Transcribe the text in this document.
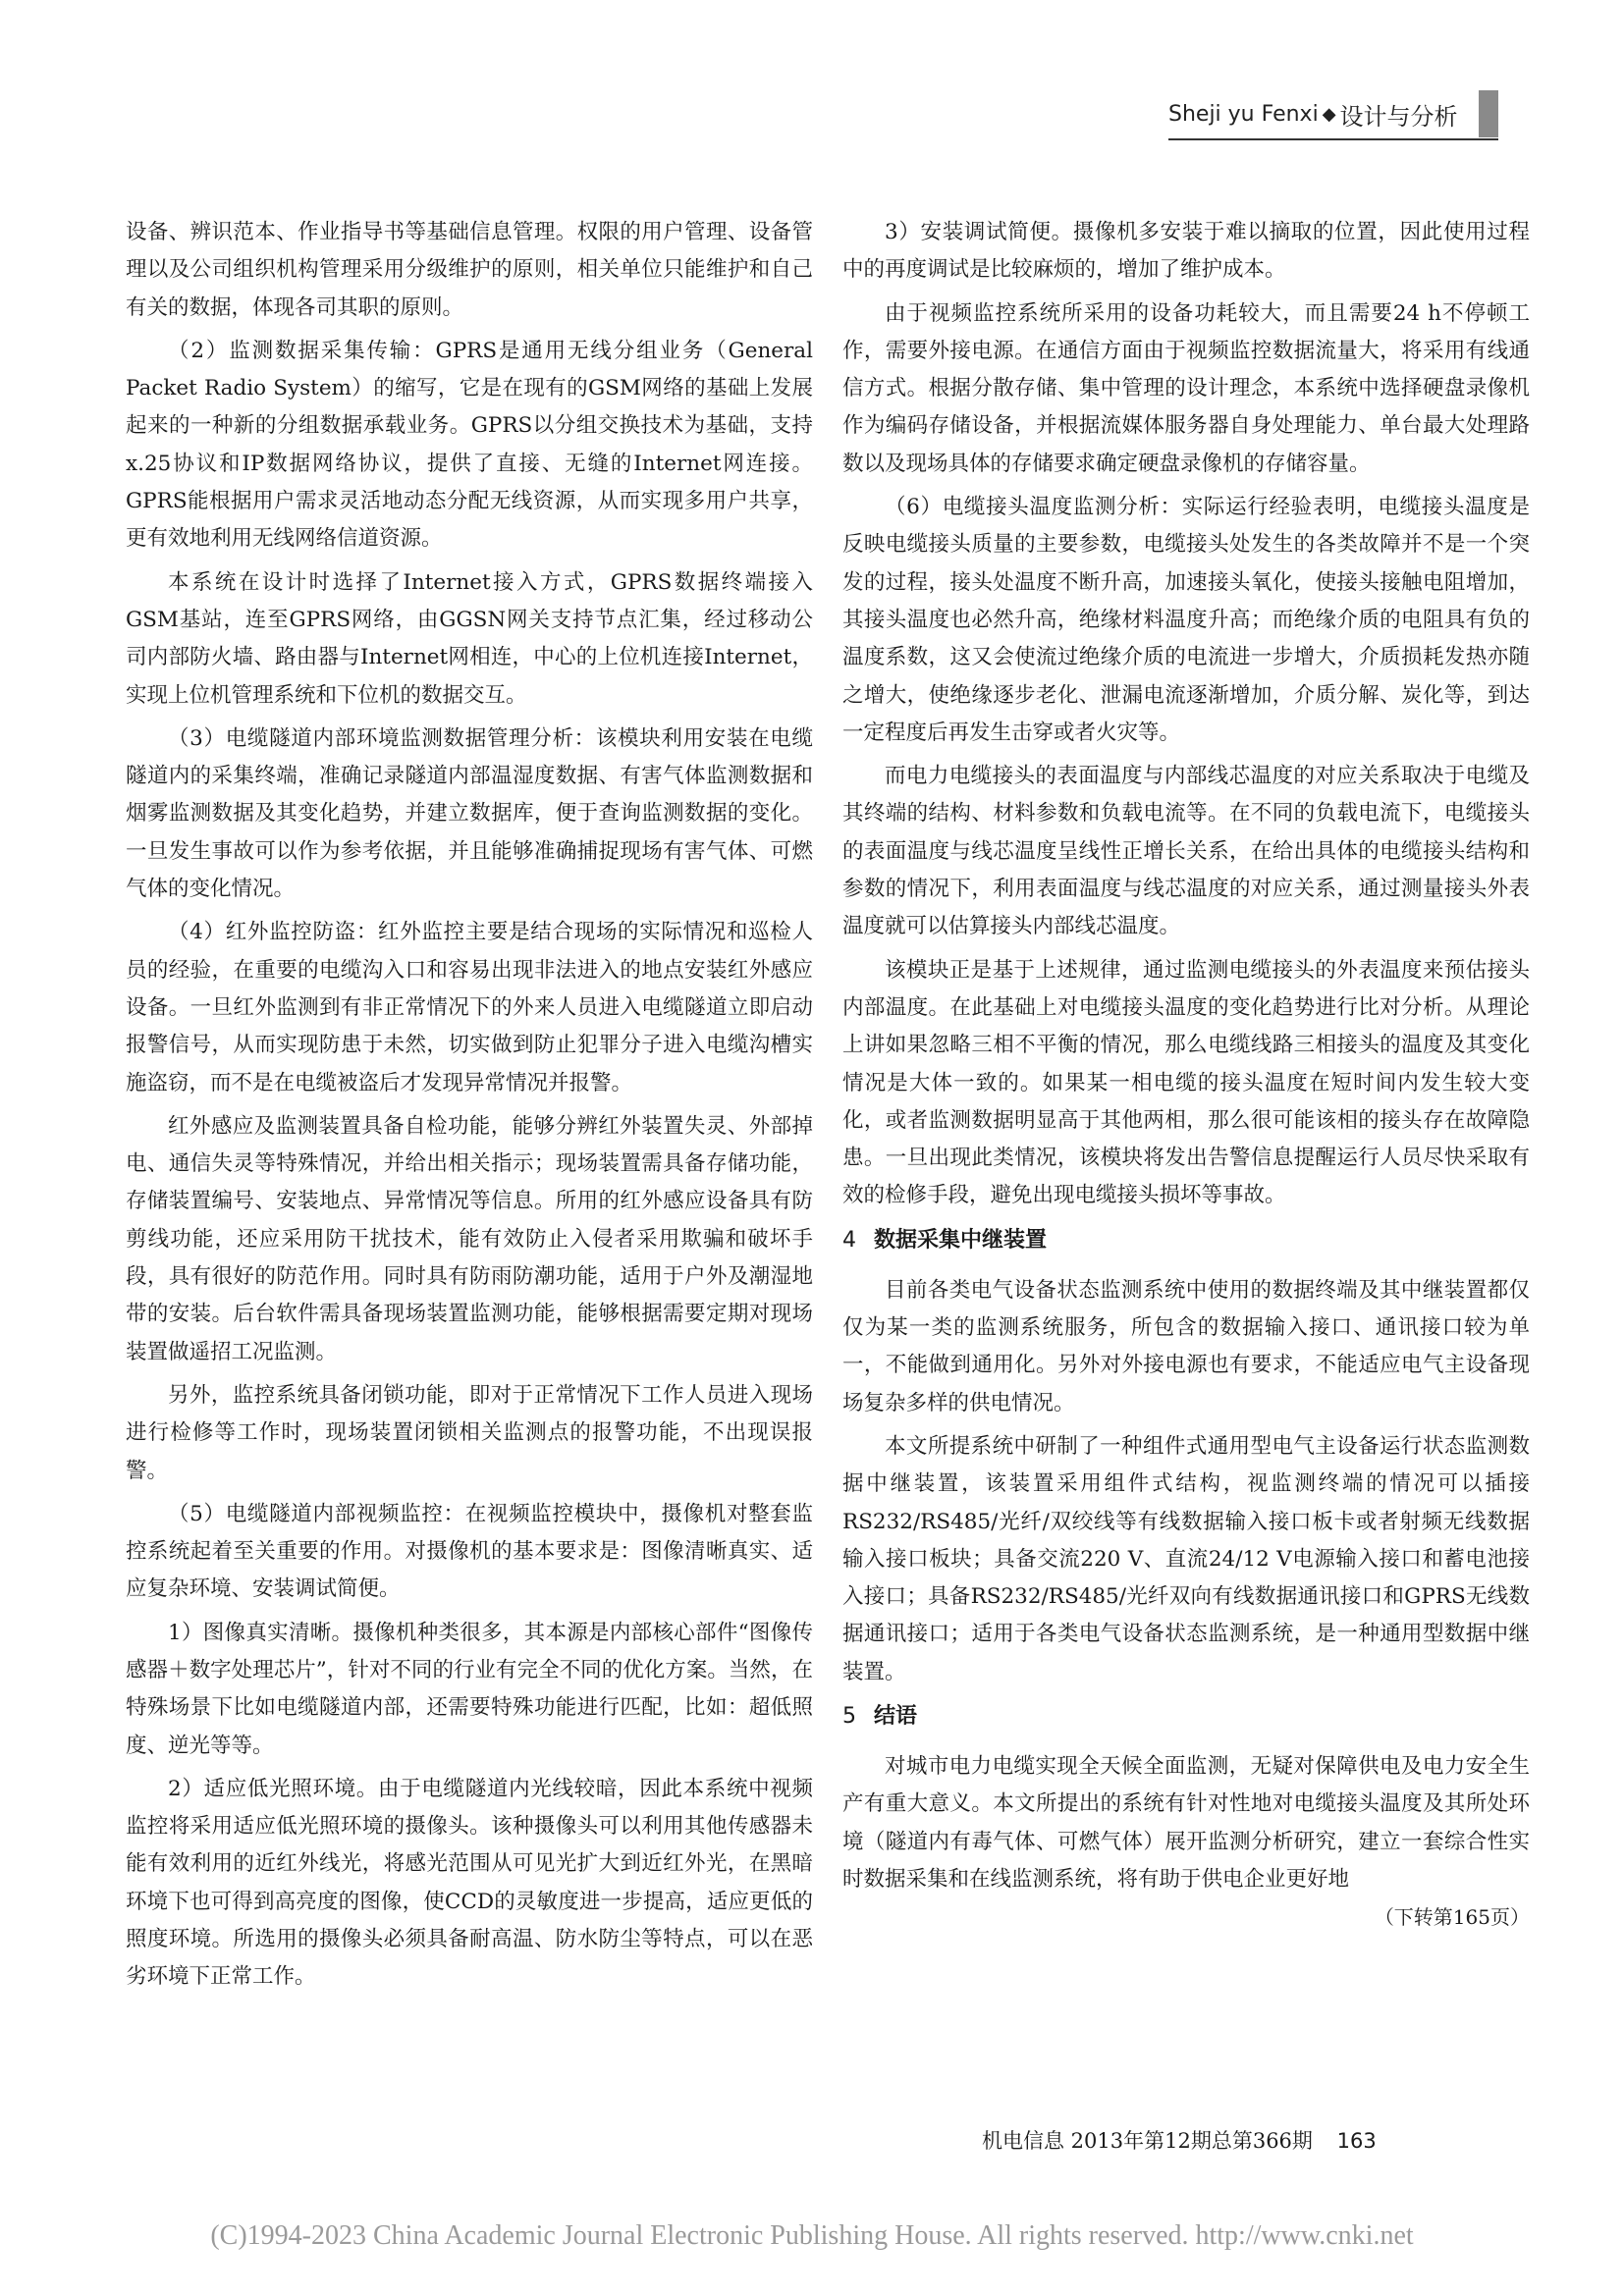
Sheji yu Fenxi ◆ 设计与分析

设备、辨识范本、作业指导书等基础信息管理。权限的用户管理、设备管理以及公司组织机构管理采用分级维护的原则，相关单位只能维护和自己有关的数据，体现各司其职的原则。

（2）监测数据采集传输：GPRS是通用无线分组业务（General Packet Radio System）的缩写，它是在现有的GSM网络的基础上发展起来的一种新的分组数据承载业务。GPRS以分组交换技术为基础，支持x.25协议和IP数据网络协议，提供了直接、无缝的Internet网连接。GPRS能根据用户需求灵活地动态分配无线资源，从而实现多用户共享，更有效地利用无线网络信道资源。

本系统在设计时选择了Internet接入方式，GPRS数据终端接入GSM基站，连至GPRS网络，由GGSN网关支持节点汇集，经过移动公司内部防火墙、路由器与Internet网相连，中心的上位机连接Internet，实现上位机管理系统和下位机的数据交互。

（3）电缆隧道内部环境监测数据管理分析：该模块利用安装在电缆隧道内的采集终端，准确记录隧道内部温湿度数据、有害气体监测数据和烟雾监测数据及其变化趋势，并建立数据库，便于查询监测数据的变化。一旦发生事故可以作为参考依据，并且能够准确捕捉现场有害气体、可燃气体的变化情况。

（4）红外监控防盗：红外监控主要是结合现场的实际情况和巡检人员的经验，在重要的电缆沟入口和容易出现非法进入的地点安装红外感应设备。一旦红外监测到有非正常情况下的外来人员进入电缆隧道立即启动报警信号，从而实现防患于未然，切实做到防止犯罪分子进入电缆沟槽实施盗窃，而不是在电缆被盗后才发现异常情况并报警。

红外感应及监测装置具备自检功能，能够分辨红外装置失灵、外部掉电、通信失灵等特殊情况，并给出相关指示；现场装置需具备存储功能，存储装置编号、安装地点、异常情况等信息。所用的红外感应设备具有防剪线功能，还应采用防干扰技术，能有效防止入侵者采用欺骗和破坏手段，具有很好的防范作用。同时具有防雨防潮功能，适用于户外及潮湿地带的安装。后台软件需具备现场装置监测功能，能够根据需要定期对现场装置做遥招工况监测。

另外，监控系统具备闭锁功能，即对于正常情况下工作人员进入现场进行检修等工作时，现场装置闭锁相关监测点的报警功能，不出现误报警。

（5）电缆隧道内部视频监控：在视频监控模块中，摄像机对整套监控系统起着至关重要的作用。对摄像机的基本要求是：图像清晰真实、适应复杂环境、安装调试简便。

1）图像真实清晰。摄像机种类很多，其本源是内部核心部件“图像传感器＋数字处理芯片”，针对不同的行业有完全不同的优化方案。当然，在特殊场景下比如电缆隧道内部，还需要特殊功能进行匹配，比如：超低照度、逆光等等。

2）适应低光照环境。由于电缆隧道内光线较暗，因此本系统中视频监控将采用适应低光照环境的摄像头。该种摄像头可以利用其他传感器未能有效利用的近红外线光，将感光范围从可见光扩大到近红外光，在黑暗环境下也可得到高亮度的图像，使CCD的灵敏度进一步提高，适应更低的照度环境。所选用的摄像头必须具备耐高温、防水防尘等特点，可以在恶劣环境下正常工作。

3）安装调试简便。摄像机多安装于难以摘取的位置，因此使用过程中的再度调试是比较麻烦的，增加了维护成本。

由于视频监控系统所采用的设备功耗较大，而且需要24 h不停顿工作，需要外接电源。在通信方面由于视频监控数据流量大，将采用有线通信方式。根据分散存储、集中管理的设计理念，本系统中选择硬盘录像机作为编码存储设备，并根据流媒体服务器自身处理能力、单台最大处理路数以及现场具体的存储要求确定硬盘录像机的存储容量。

（6）电缆接头温度监测分析：实际运行经验表明，电缆接头温度是反映电缆接头质量的主要参数，电缆接头处发生的各类故障并不是一个突发的过程，接头处温度不断升高，加速接头氧化，使接头接触电阻增加，其接头温度也必然升高，绝缘材料温度升高；而绝缘介质的电阻具有负的温度系数，这又会使流过绝缘介质的电流进一步增大，介质损耗发热亦随之增大，使绝缘逐步老化、泄漏电流逐渐增加，介质分解、炭化等，到达一定程度后再发生击穿或者火灾等。

而电力电缆接头的表面温度与内部线芯温度的对应关系取决于电缆及其终端的结构、材料参数和负载电流等。在不同的负载电流下，电缆接头的表面温度与线芯温度呈线性正增长关系，在给出具体的电缆接头结构和参数的情况下，利用表面温度与线芯温度的对应关系，通过测量接头外表温度就可以估算接头内部线芯温度。

该模块正是基于上述规律，通过监测电缆接头的外表温度来预估接头内部温度。在此基础上对电缆接头温度的变化趋势进行比对分析。从理论上讲如果忽略三相不平衡的情况，那么电缆线路三相接头的温度及其变化情况是大体一致的。如果某一相电缆的接头温度在短时间内发生较大变化，或者监测数据明显高于其他两相，那么很可能该相的接头存在故障隐患。一旦出现此类情况，该模块将发出告警信息提醒运行人员尽快采取有效的检修手段，避免出现电缆接头损坏等事故。

4 数据采集中继装置

目前各类电气设备状态监测系统中使用的数据终端及其中继装置都仅仅为某一类的监测系统服务，所包含的数据输入接口、通讯接口较为单一，不能做到通用化。另外对外接电源也有要求，不能适应电气主设备现场复杂多样的供电情况。

本文所提系统中研制了一种组件式通用型电气主设备运行状态监测数据中继装置，该装置采用组件式结构，视监测终端的情况可以插接RS232/RS485/光纤/双绞线等有线数据输入接口板卡或者射频无线数据输入接口板块；具备交流220 V、直流24/12 V电源输入接口和蓄电池接入接口；具备RS232/RS485/光纤双向有线数据通讯接口和GPRS无线数据通讯接口；适用于各类电气设备状态监测系统，是一种通用型数据中继装置。

5 结语

对城市电力电缆实现全天候全面监测，无疑对保障供电及电力安全生产有重大意义。本文所提出的系统有针对性地对电缆接头温度及其所处环境（隧道内有毒气体、可燃气体）展开监测分析研究，建立一套综合性实时数据采集和在线监测系统，将有助于供电企业更好地
（下转第165页）

机电信息 2013年第12期总第366期 163
(C)1994-2023 China Academic Journal Electronic Publishing House. All rights reserved. http://www.cnki.net
